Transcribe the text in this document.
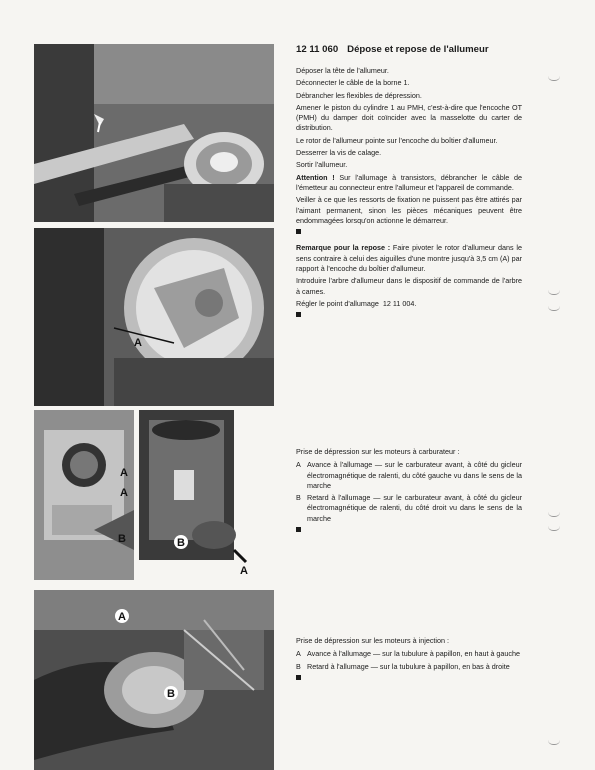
A
A
A
B	B
A
A
B
12 11 060 Dépose et repose de l'allumeur

Déposer la tête de l'allumeur.

Déconnecter le câble de la borne 1.

Débrancher les flexibles de dépression.

Amener le piston du cylindre 1 au PMH, c'est-à-dire que l'encoche OT (PMH) du damper doit coïncider avec la masselotte du carter de distribution.

Le rotor de l'allumeur pointe sur l'encoche du boîtier d'allumeur.

Desserrer la vis de calage.

Sortir l'allumeur.

Attention ! Sur l'allumage à transistors, débrancher le câble de l'émetteur au connecteur entre l'allumeur et l'appareil de commande.

Veiller à ce que les ressorts de fixation ne puissent pas être attirés par l'aimant permanent, sinon les pièces mécaniques peuvent être endommagées lorsqu'on actionne le démarreur.

Remarque pour la repose : Faire pivoter le rotor d'allumeur dans le sens contraire à celui des aiguilles d'une montre jusqu'à 3,5 cm (A) par rapport à l'encoche du boîtier d'allumeur.

Introduire l'arbre d'allumeur dans le dispositif de commande de l'arbre à cames.

Régler le point d'allumage 12 11 004.

Prise de dépression sur les moteurs à carburateur :

A Avance à l'allumage — sur le carburateur avant, à côté du gicleur électromagnétique de ralenti, du côté gauche vu dans le sens de la marche
B Retard à l'allumage — sur le carburateur avant, à côté du gicleur électromagnétique de ralenti, du côté droit vu dans le sens de la marche

Prise de dépression sur les moteurs à injection :

A Avance à l'allumage — sur la tubulure à papillon, en haut à gauche
B Retard à l'allumage — sur la tubulure à papillon, en bas à droite
